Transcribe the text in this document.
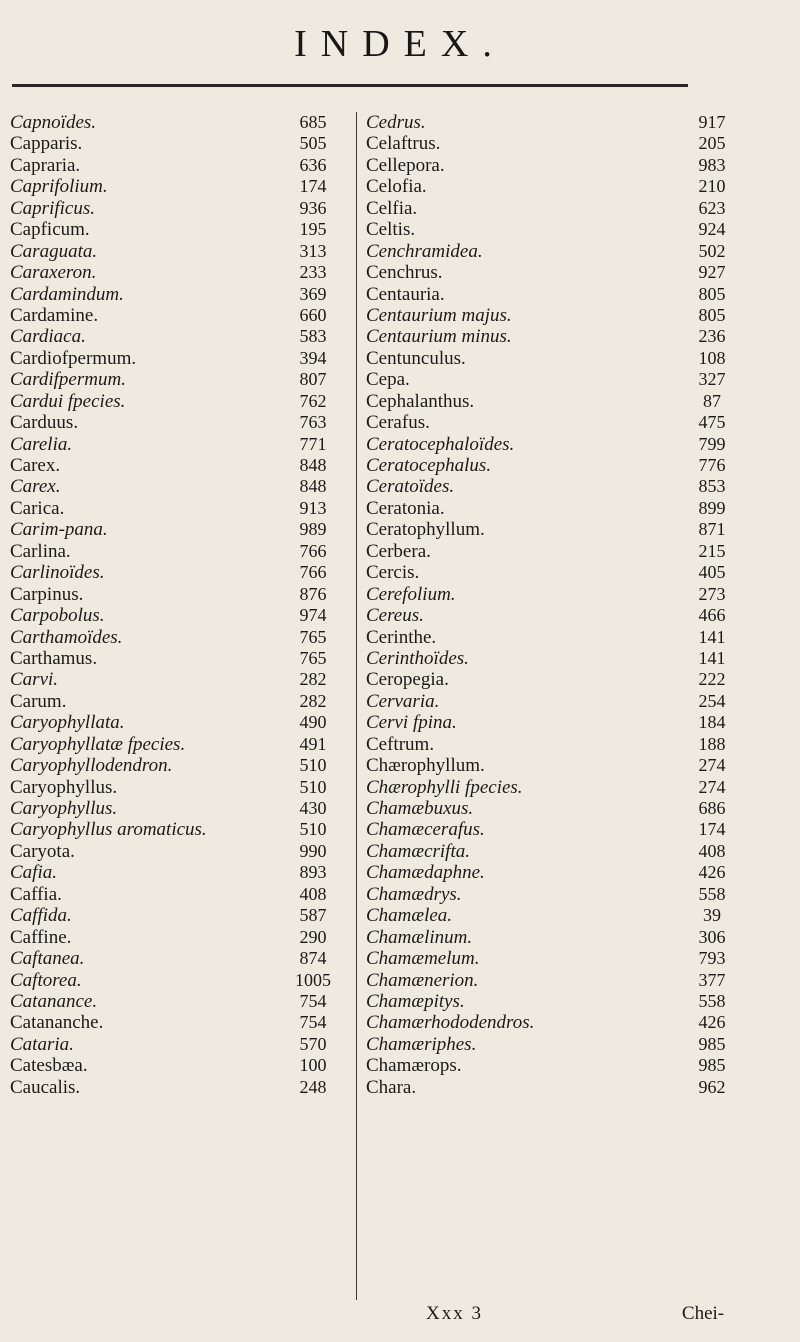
INDEX.
Capnoïdes.	685
Capparis.	505
Capraria.	636
Caprifolium.	174
Caprificus.	936
Capficum.	195
Caraguata.	313
Caraxeron.	233
Cardamindum.	369
Cardamine.	660
Cardiaca.	583
Cardiofpermum.	394
Cardifpermum.	807
Cardui fpecies.	762
Carduus.	763
Carelia.	771
Carex.	848
Carex.	848
Carica.	913
Carim-pana.	989
Carlina.	766
Carlinoïdes.	766
Carpinus.	876
Carpobolus.	974
Carthamoïdes.	765
Carthamus.	765
Carvi.	282
Carum.	282
Caryophyllata.	490
Caryophyllatæ fpecies.	491
Caryophyllodendron.	510
Caryophyllus.	510
Caryophyllus.	430
Caryophyllus aromaticus.	510
Caryota.	990
Cafia.	893
Caffia.	408
Caffida.	587
Caffine.	290
Caftanea.	874
Caftorea.	1005
Catanance.	754
Catananche.	754
Cataria.	570
Catesbæa.	100
Caucalis.	248
Cedrus.	917
Celaftrus.	205
Cellepora.	983
Celofia.	210
Celfia.	623
Celtis.	924
Cenchramidea.	502
Cenchrus.	927
Centauria.	805
Centaurium majus.	805
Centaurium minus.	236
Centunculus.	108
Cepa.	327
Cephalanthus.	87
Cerafus.	475
Ceratocephaloïdes.	799
Ceratocephalus.	776
Ceratoïdes.	853
Ceratonia.	899
Ceratophyllum.	871
Cerbera.	215
Cercis.	405
Cerefolium.	273
Cereus.	466
Cerinthe.	141
Cerinthoïdes.	141
Ceropegia.	222
Cervaria.	254
Cervi fpina.	184
Ceftrum.	188
Chærophyllum.	274
Chærophylli fpecies.	274
Chamæbuxus.	686
Chamæcerafus.	174
Chamæcrifta.	408
Chamædaphne.	426
Chamædrys.	558
Chamælea.	39
Chamælinum.	306
Chamæmelum.	793
Chamænerion.	377
Chamæpitys.	558
Chamærhododendros.	426
Chamæriphes.	985
Chamærops.	985
Chara.	962
Xxx 3	Chei-
